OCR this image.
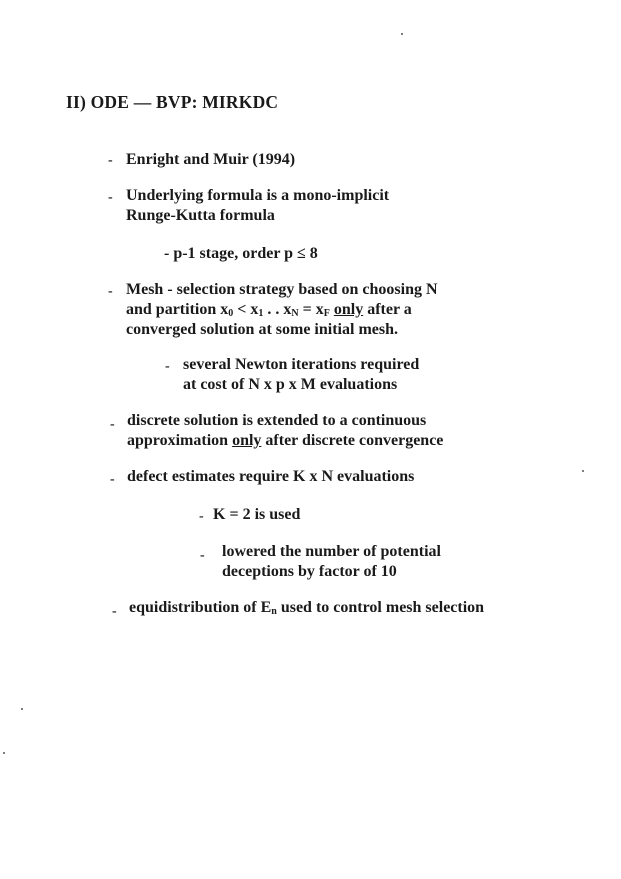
II) ODE — BVP: MIRKDC
- Enright and Muir (1994)
- Underlying formula is a mono-implicit
Runge-Kutta formula
- p-1 stage, order p ≤ 8
- Mesh - selection strategy based on choosing N
and partition $x_0 < x_1$ . . $x_N = x_F$ only after a
converged solution at some initial mesh.
- several Newton iterations required
at cost of N x p x M evaluations
- discrete solution is extended to a continuous
approximation only after discrete convergence
- defect estimates require K x N evaluations
- K = 2 is used
- lowered the number of potential
deceptions by factor of 10
- equidistribution of $E_n$ used to control mesh selection
